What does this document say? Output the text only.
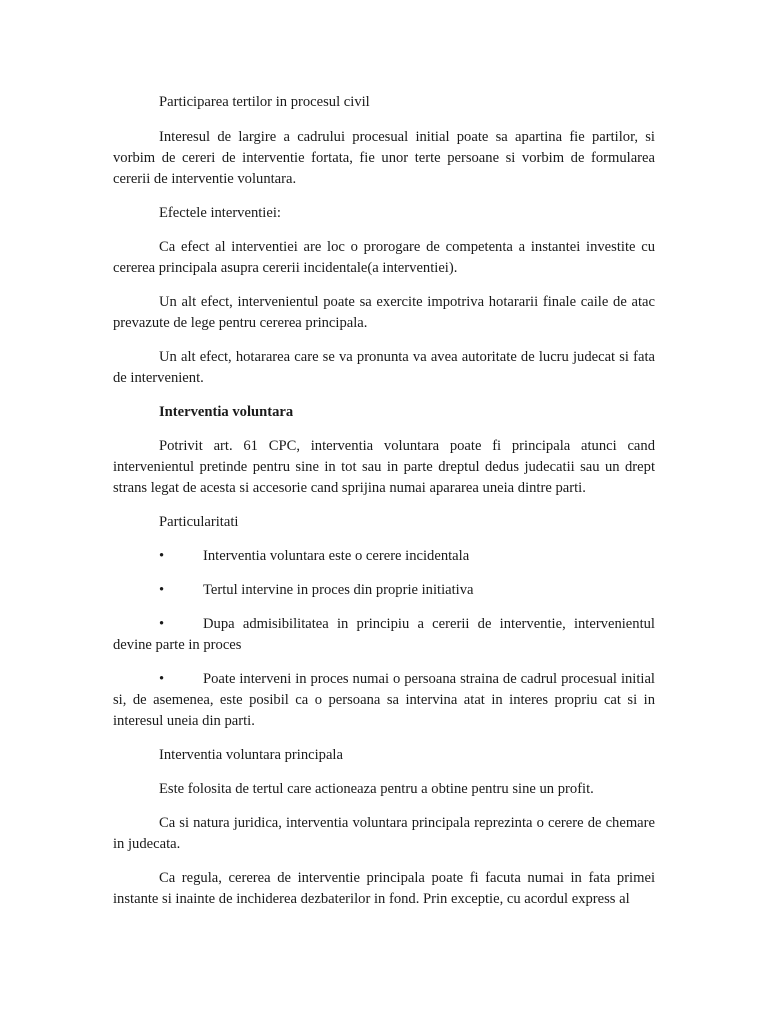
Participarea tertilor in procesul civil

Interesul de largire a cadrului procesual initial poate sa apartina fie partilor, si vorbim de cereri de interventie fortata, fie unor terte persoane si vorbim de formularea cererii de interventie voluntara.

Efectele interventiei:

Ca efect al interventiei are loc o prorogare de competenta a instantei investite cu cererea principala asupra cererii incidentale(a interventiei).

Un alt efect, intervenientul poate sa exercite impotriva hotararii finale caile de atac prevazute de lege pentru cererea principala.

Un alt efect, hotararea care se va pronunta va avea autoritate de lucru judecat si fata de intervenient.

Interventia voluntara

Potrivit art. 61 CPC, interventia voluntara poate fi principala atunci cand intervenientul pretinde pentru sine in tot sau in parte dreptul dedus judecatii sau un drept strans legat de acesta si accesorie cand sprijina numai apararea uneia dintre parti.

Particularitati

•	Interventia voluntara este o cerere incidentala

•	Tertul intervine in proces din proprie initiativa

•	Dupa admisibilitatea in principiu a cererii de interventie, intervenientul devine parte in proces

•	Poate interveni in proces numai o persoana straina de cadrul procesual initial si, de asemenea, este posibil ca o persoana sa intervina atat in interes propriu cat si in interesul uneia din parti.

Interventia voluntara principala

Este folosita de tertul care actioneaza pentru a obtine pentru sine un profit.

Ca si natura juridica, interventia voluntara principala reprezinta o cerere de chemare in judecata.

Ca regula, cererea de interventie principala poate fi facuta numai in fata primei instante si inainte de inchiderea dezbaterilor in fond. Prin exceptie, cu acordul express al
